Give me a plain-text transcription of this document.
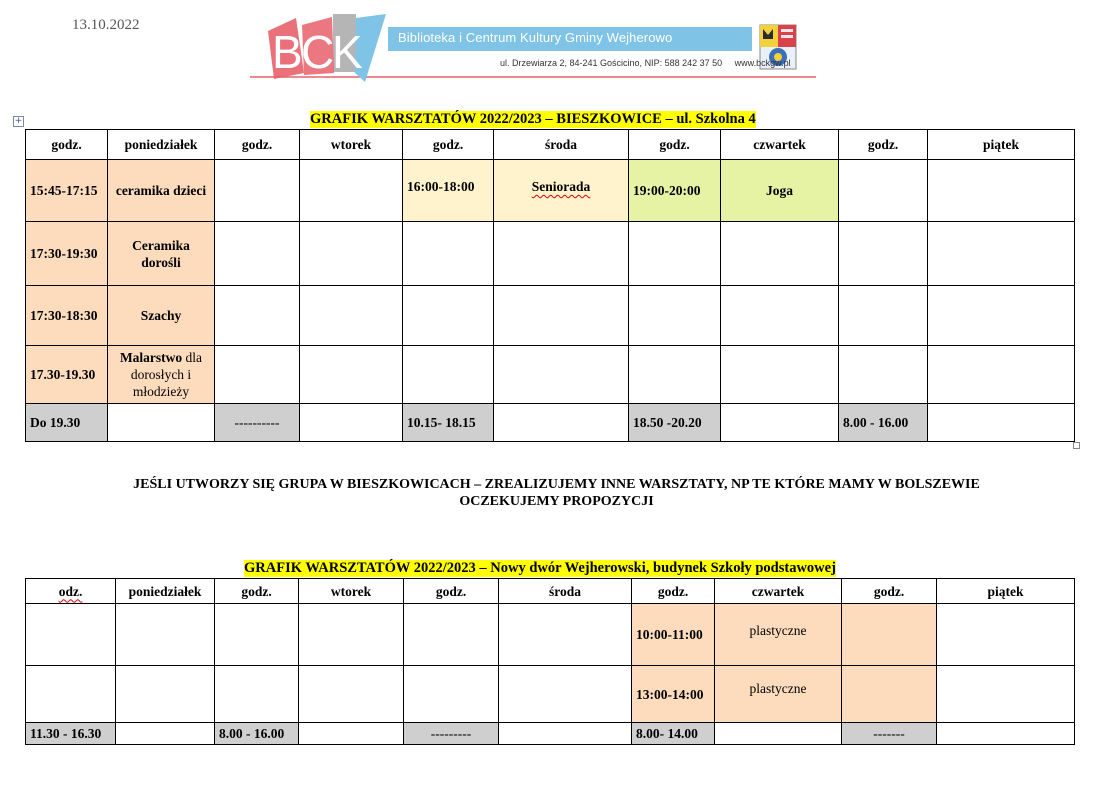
13.10.2022
B
C
K	Biblioteka i Centrum Kultury Gminy Wejherowo
ul. Drzewiarza 2, 84-241 Gościcino, NIP: 588 242 37 50     www.bckgw.pl
+	GRAFIK WARSZTATÓW 2022/2023 – BIESZKOWICE – ul. Szkolna 4
godz.	poniedziałek	godz.	wtorek	godz.	środa	godz.	czwartek	godz.	piątek
15:45-17:15	ceramika dzieci			16:00-18:00	Seniorada	19:00-20:00	Joga		
17:30-19:30	Ceramika dorośli								
17:30-18:30	Szachy								
17.30-19.30	Malarstwo dla
dorosłych i
młodzieży								
Do 19.30		----------		10.15- 18.15		18.50 -20.20		8.00 - 16.00	
JEŚLI UTWORZY SIĘ GRUPA W BIESZKOWICACH – ZREALIZUJEMY INNE WARSZTATY, NP TE KTÓRE MAMY W BOLSZEWIE
OCZEKUJEMY PROPOZYCJI
GRAFIK WARSZTATÓW 2022/2023 – Nowy dwór Wejherowski, budynek Szkoły podstawowej
odz.	poniedziałek	godz.	wtorek	godz.	środa	godz.	czwartek	godz.	piątek
						10:00-11:00	plastyczne		
						13:00-14:00	plastyczne		
11.30 - 16.30		8.00 - 16.00		---------		8.00- 14.00		-------	
